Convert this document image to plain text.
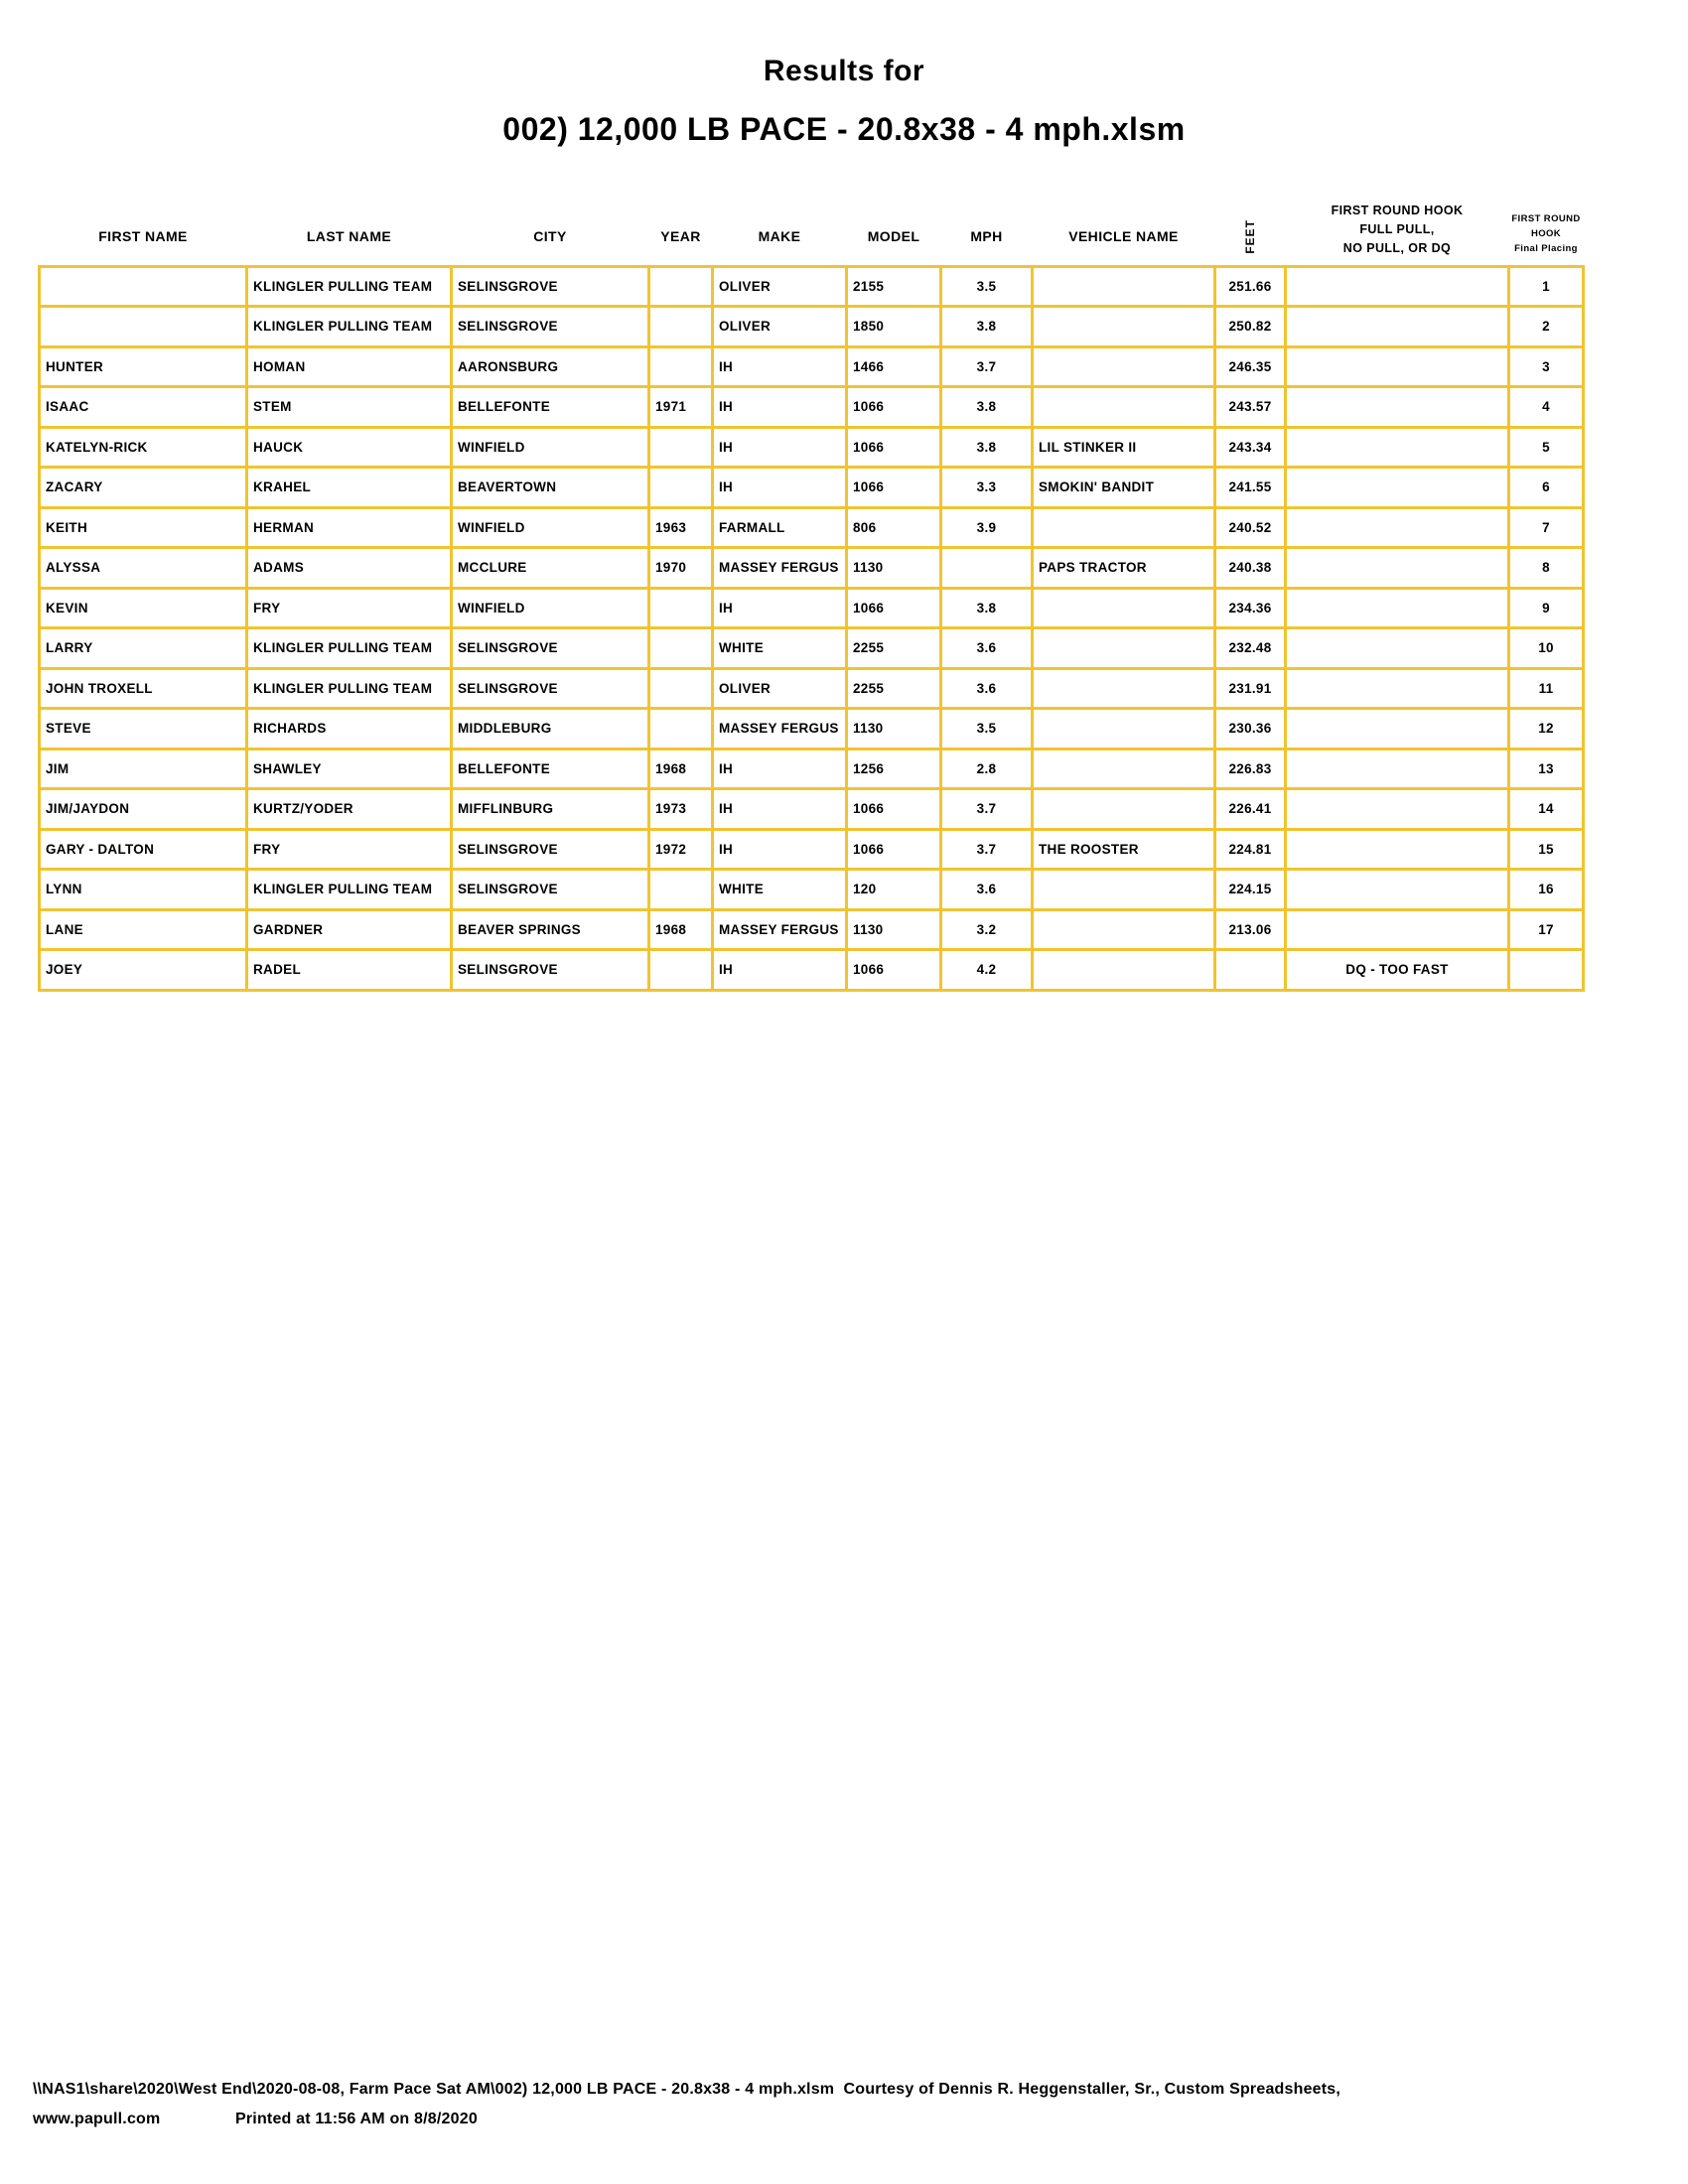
Results for
002) 12,000 LB PACE - 20.8x38 - 4 mph.xlsm
FIRST NAME	LAST NAME	CITY	YEAR	MAKE	MODEL	MPH	VEHICLE NAME	FEET	
FIRST ROUND HOOK
FULL PULL,
NO PULL, OR DQ

FIRST ROUND
HOOK
Final Placing

	KLINGLER PULLING TEAM	SELINSGROVE		OLIVER	2155	3.5		251.66		1
	KLINGLER PULLING TEAM	SELINSGROVE		OLIVER	1850	3.8		250.82		2
HUNTER	HOMAN	AARONSBURG		IH	1466	3.7		246.35		3
ISAAC	STEM	BELLEFONTE	1971	IH	1066	3.8		243.57		4
KATELYN-RICK	HAUCK	WINFIELD		IH	1066	3.8	LIL STINKER II	243.34		5
ZACARY	KRAHEL	BEAVERTOWN		IH	1066	3.3	SMOKIN' BANDIT	241.55		6
KEITH	HERMAN	WINFIELD	1963	FARMALL	806	3.9		240.52		7
ALYSSA	ADAMS	MCCLURE	1970	MASSEY FERGUS	1130		PAPS TRACTOR	240.38		8
KEVIN	FRY	WINFIELD		IH	1066	3.8		234.36		9
LARRY	KLINGLER PULLING TEAM	SELINSGROVE		WHITE	2255	3.6		232.48		10
JOHN TROXELL	KLINGLER PULLING TEAM	SELINSGROVE		OLIVER	2255	3.6		231.91		11
STEVE	RICHARDS	MIDDLEBURG		MASSEY FERGUS	1130	3.5		230.36		12
JIM	SHAWLEY	BELLEFONTE	1968	IH	1256	2.8		226.83		13
JIM/JAYDON	KURTZ/YODER	MIFFLINBURG	1973	IH	1066	3.7		226.41		14
GARY - DALTON	FRY	SELINSGROVE	1972	IH	1066	3.7	THE ROOSTER	224.81		15
LYNN	KLINGLER PULLING TEAM	SELINSGROVE		WHITE	120	3.6		224.15		16
LANE	GARDNER	BEAVER SPRINGS	1968	MASSEY FERGUS	1130	3.2		213.06		17
JOEY	RADEL	SELINSGROVE		IH	1066	4.2			DQ - TOO FAST	
\\NAS1\share\2020\West End\2020-08-08, Farm Pace Sat AM\002) 12,000 LB PACE - 20.8x38 - 4 mph.xlsm  Courtesy of Dennis R. Heggenstaller, Sr., Custom Spreadsheets,
www.papull.com	Printed at 11:56 AM on 8/8/2020
